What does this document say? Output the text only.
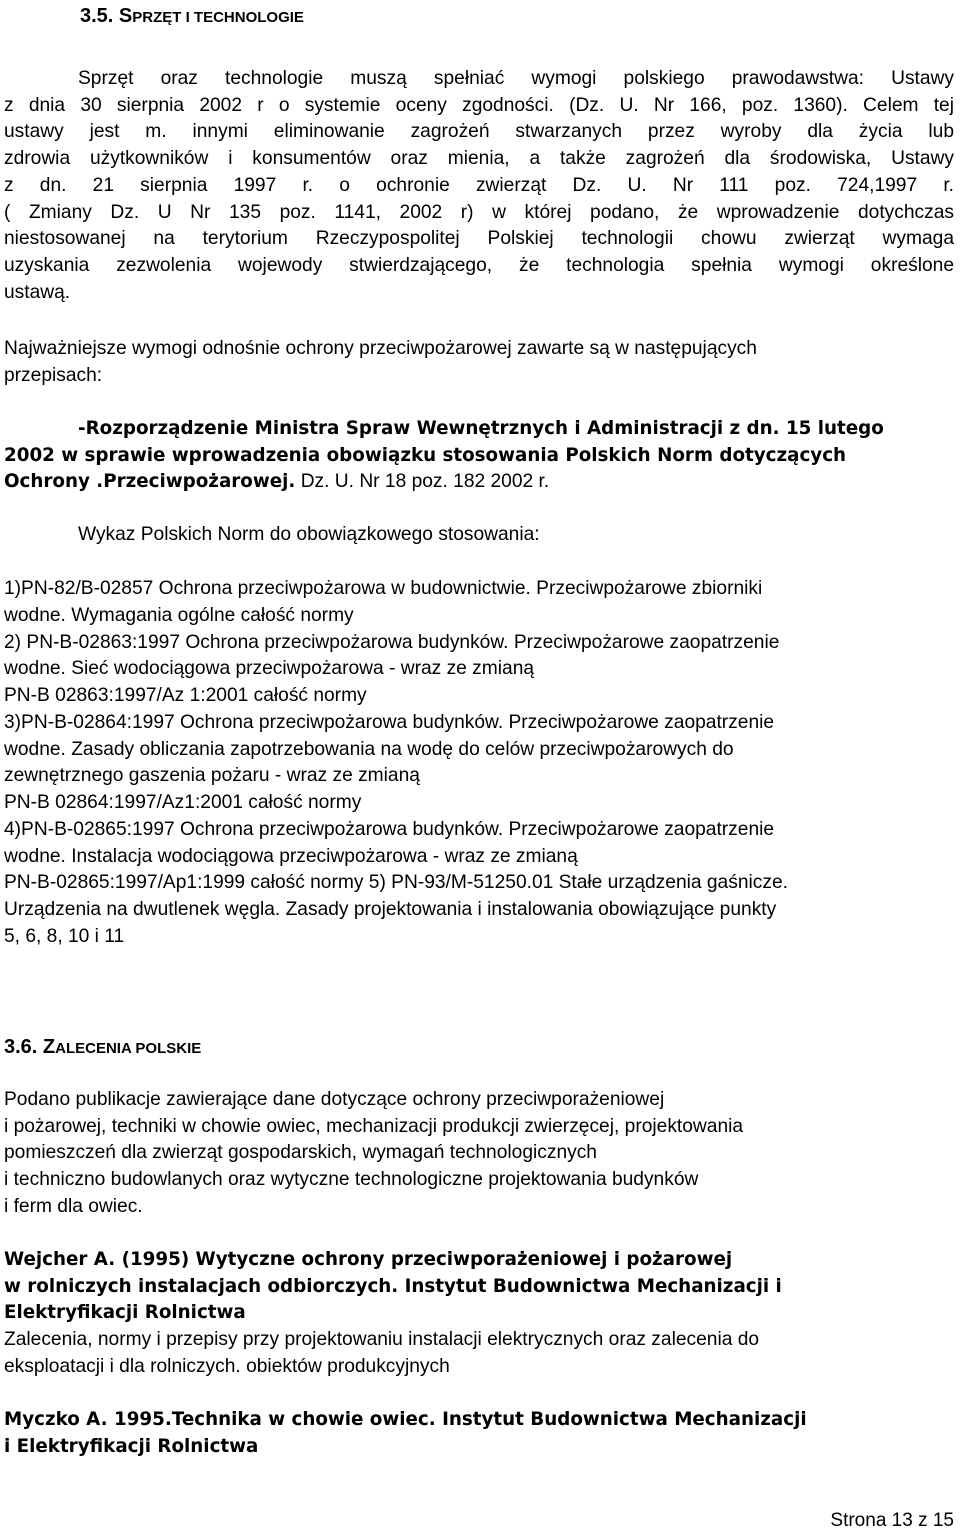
3.5. SPRZĘT I TECHNOLOGIE
Sprzęt oraz technologie muszą spełniać wymogi polskiego prawodawstwa: Ustawy
z dnia 30 sierpnia 2002 r o systemie oceny zgodności. (Dz. U. Nr 166, poz. 1360). Celem tej
ustawy jest m. innymi eliminowanie zagrożeń stwarzanych przez wyroby dla życia lub
zdrowia użytkowników i konsumentów oraz mienia, a także zagrożeń dla środowiska, Ustawy
z dn. 21 sierpnia 1997 r. o ochronie zwierząt Dz. U. Nr 111 poz. 724,1997 r.
( Zmiany Dz. U Nr 135 poz. 1141, 2002 r) w której podano, że wprowadzenie dotychczas
niestosowanej na terytorium Rzeczypospolitej Polskiej technologii chowu zwierząt wymaga
uzyskania zezwolenia wojewody stwierdzającego, że technologia spełnia wymogi określone
ustawą.
Najważniejsze wymogi odnośnie ochrony przeciwpożarowej zawarte są w następujących
przepisach:
-Rozporządzenie Ministra Spraw Wewnętrznych i Administracji z dn. 15 lutego
2002 w sprawie wprowadzenia obowiązku stosowania Polskich Norm dotyczących
Ochrony .Przeciwpożarowej. Dz. U. Nr 18 poz. 182 2002 r.
Wykaz Polskich Norm do obowiązkowego stosowania:
1)PN-82/B-02857 Ochrona przeciwpożarowa w budownictwie. Przeciwpożarowe zbiorniki
wodne. Wymagania ogólne całość normy
2) PN-B-02863:1997 Ochrona przeciwpożarowa budynków. Przeciwpożarowe zaopatrzenie
wodne. Sieć wodociągowa przeciwpożarowa - wraz ze zmianą
PN-B 02863:1997/Az 1:2001 całość normy
3)PN-B-02864:1997 Ochrona przeciwpożarowa budynków. Przeciwpożarowe zaopatrzenie
wodne. Zasady obliczania zapotrzebowania na wodę do celów przeciwpożarowych do
zewnętrznego gaszenia pożaru - wraz ze zmianą
PN-B 02864:1997/Az1:2001 całość normy
4)PN-B-02865:1997 Ochrona przeciwpożarowa budynków. Przeciwpożarowe zaopatrzenie
wodne. Instalacja wodociągowa przeciwpożarowa - wraz ze zmianą
PN-B-02865:1997/Ap1:1999 całość normy 5) PN-93/M-51250.01 Stałe urządzenia gaśnicze.
Urządzenia na dwutlenek węgla. Zasady projektowania i instalowania obowiązujące punkty
5, 6, 8, 10 i 11
3.6. ZALECENIA POLSKIE
Podano publikacje zawierające dane dotyczące ochrony przeciwporażeniowej
i pożarowej, techniki w chowie owiec, mechanizacji produkcji zwierzęcej, projektowania
pomieszczeń dla zwierząt gospodarskich, wymagań technologicznych
i techniczno budowlanych oraz wytyczne technologiczne projektowania budynków
i ferm dla owiec.
Wejcher A. (1995) Wytyczne ochrony przeciwporażeniowej i pożarowej
w rolniczych instalacjach odbiorczych. Instytut Budownictwa Mechanizacji i
Elektryfikacji Rolnictwa
Zalecenia, normy i przepisy przy projektowaniu instalacji elektrycznych oraz zalecenia do
eksploatacji i dla rolniczych. obiektów produkcyjnych
Myczko A. 1995.Technika w chowie owiec. Instytut Budownictwa Mechanizacji
i Elektryfikacji Rolnictwa
Strona 13 z 15
